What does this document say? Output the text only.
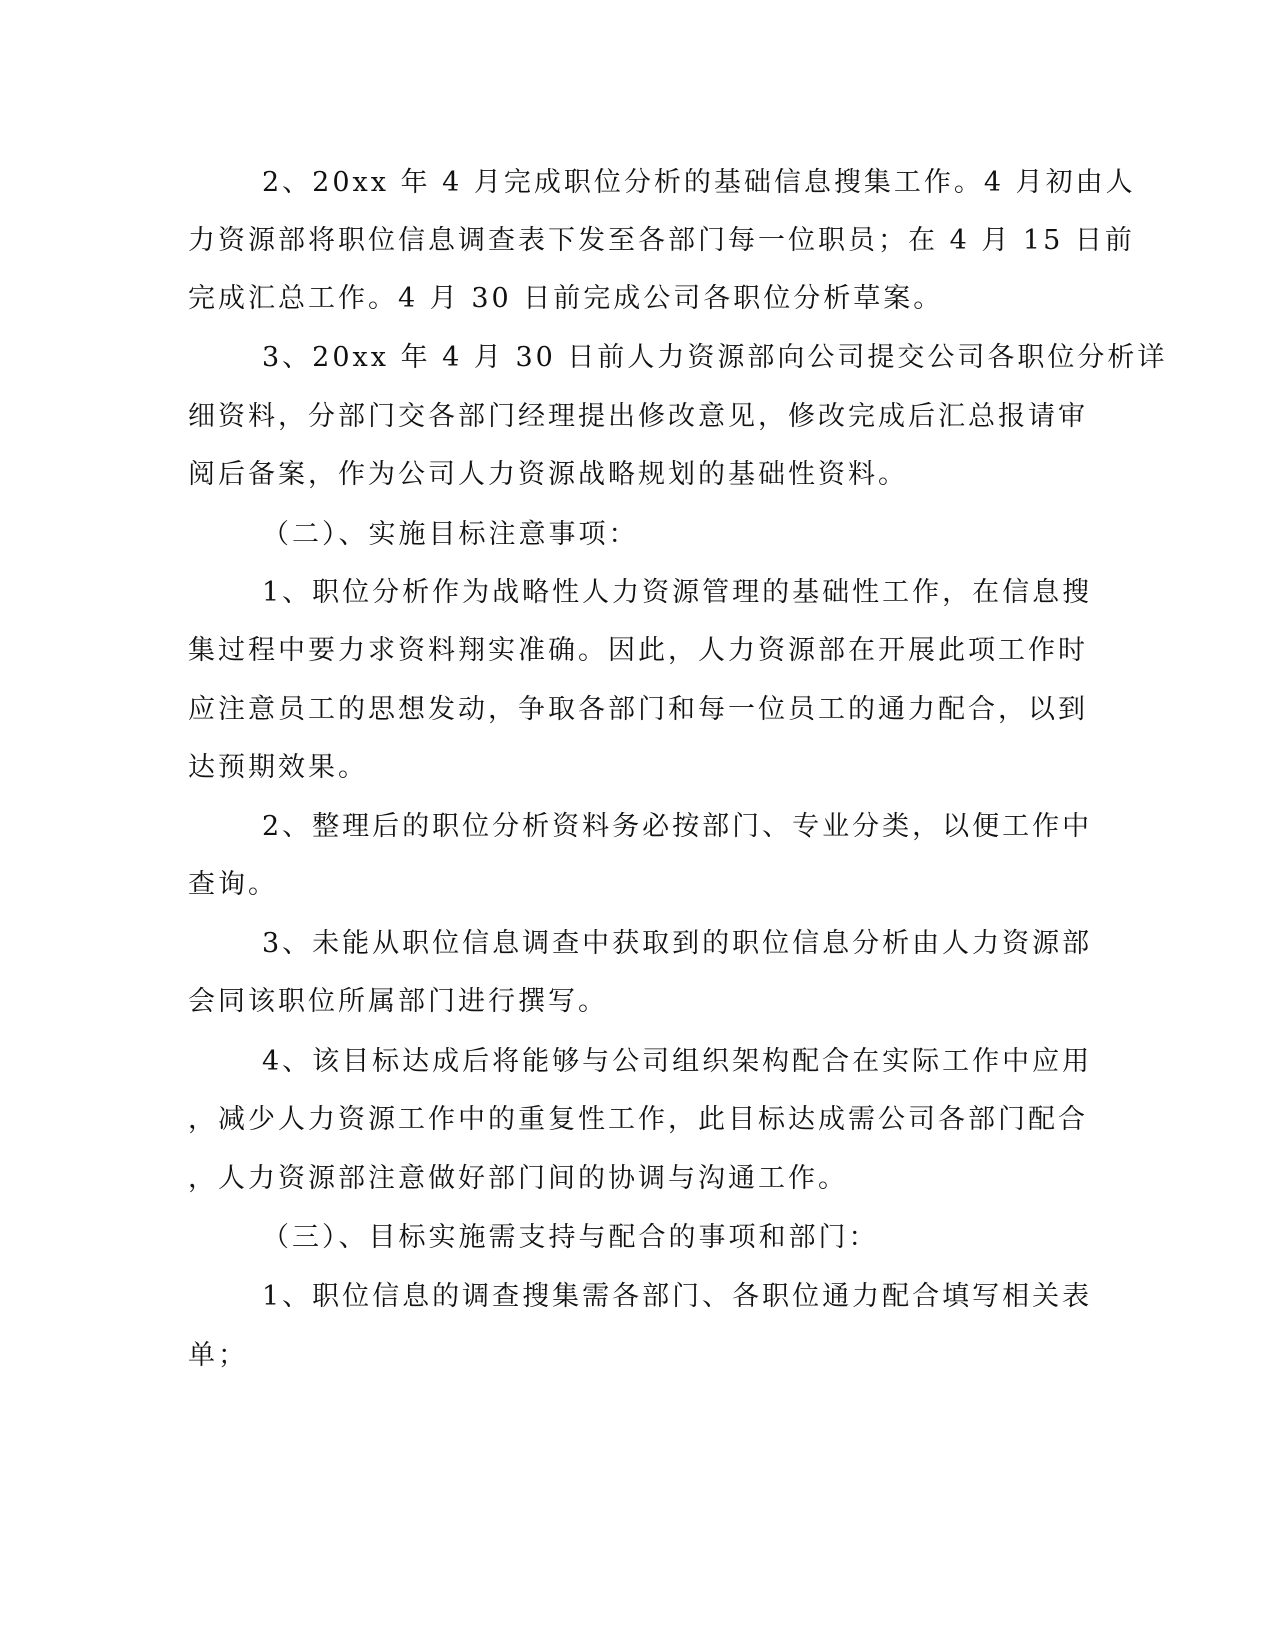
2、20xx 年 4 月完成职位分析的基础信息搜集工作。4 月初由人
力资源部将职位信息调查表下发至各部门每一位职员；在 4 月 15 日前
完成汇总工作。4 月 30 日前完成公司各职位分析草案。
3、20xx 年 4 月 30 日前人力资源部向公司提交公司各职位分析详
细资料，分部门交各部门经理提出修改意见，修改完成后汇总报请审
阅后备案，作为公司人力资源战略规划的基础性资料。
（二）、实施目标注意事项：
1、职位分析作为战略性人力资源管理的基础性工作，在信息搜
集过程中要力求资料翔实准确。因此，人力资源部在开展此项工作时
应注意员工的思想发动，争取各部门和每一位员工的通力配合，以到
达预期效果。
2、整理后的职位分析资料务必按部门、专业分类，以便工作中
查询。
3、未能从职位信息调查中获取到的职位信息分析由人力资源部
会同该职位所属部门进行撰写。
4、该目标达成后将能够与公司组织架构配合在实际工作中应用
，减少人力资源工作中的重复性工作，此目标达成需公司各部门配合
，人力资源部注意做好部门间的协调与沟通工作。
（三）、目标实施需支持与配合的事项和部门：
1、职位信息的调查搜集需各部门、各职位通力配合填写相关表
单；
